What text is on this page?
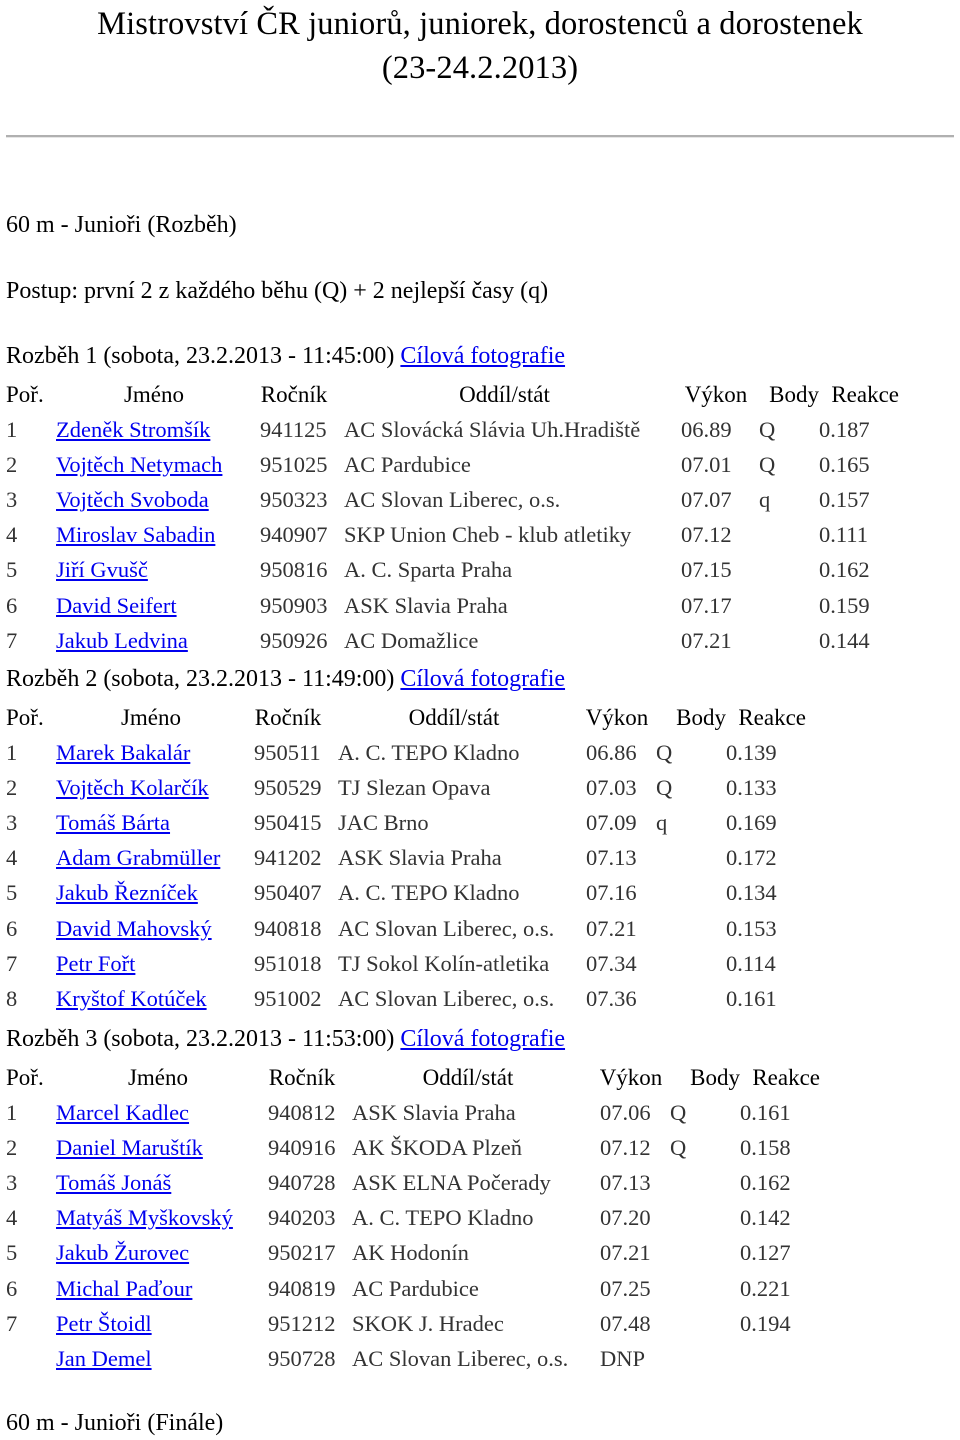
Mistrovství ČR juniorů, juniorek, dorostenců a dorostenek
(23-24.2.2013)
60 m - Junioři (Rozběh)

Postup: první 2 z každého běhu (Q) + 2 nejlepší časy (q)

Rozběh 1 (sobota, 23.2.2013 - 11:45:00) Cílová fotografie

Poř.	Jméno	Ročník	Oddíl/stát	Výkon	Body	Reakce
1	Zdeněk Stromšík	941125	AC Slovácká Slávia Uh.Hradiště	06.89	Q	0.187
2	Vojtěch Netymach	951025	AC Pardubice	07.01	Q	0.165
3	Vojtěch Svoboda	950323	AC Slovan Liberec, o.s.	07.07	q	0.157
4	Miroslav Sabadin	940907	SKP Union Cheb - klub atletiky	07.12		0.111
5	Jiří Gvušč	950816	A. C. Sparta Praha	07.15		0.162
6	David Seifert	950903	ASK Slavia Praha	07.17		0.159
7	Jakub Ledvina	950926	AC Domažlice	07.21		0.144

Rozběh 2 (sobota, 23.2.2013 - 11:49:00) Cílová fotografie

Poř.	Jméno	Ročník	Oddíl/stát	Výkon	Body	Reakce
1	Marek Bakalár	950511	A. C. TEPO Kladno	06.86	Q	0.139
2	Vojtěch Kolarčík	950529	TJ Slezan Opava	07.03	Q	0.133
3	Tomáš Bárta	950415	JAC Brno	07.09	q	0.169
4	Adam Grabmüller	941202	ASK Slavia Praha	07.13		0.172
5	Jakub Řezníček	950407	A. C. TEPO Kladno	07.16		0.134
6	David Mahovský	940818	AC Slovan Liberec, o.s.	07.21		0.153
7	Petr Fořt	951018	TJ Sokol Kolín-atletika	07.34		0.114
8	Kryštof Kotúček	951002	AC Slovan Liberec, o.s.	07.36		0.161

Rozběh 3 (sobota, 23.2.2013 - 11:53:00) Cílová fotografie

Poř.	Jméno	Ročník	Oddíl/stát	Výkon	Body	Reakce
1	Marcel Kadlec	940812	ASK Slavia Praha	07.06	Q	0.161
2	Daniel Maruštík	940916	AK ŠKODA Plzeň	07.12	Q	0.158
3	Tomáš Jonáš	940728	ASK ELNA Počerady	07.13		0.162
4	Matyáš Myškovský	940203	A. C. TEPO Kladno	07.20		0.142
5	Jakub Žurovec	950217	AK Hodonín	07.21		0.127
6	Michal Paďour	940819	AC Pardubice	07.25		0.221
7	Petr Štoidl	951212	SKOK J. Hradec	07.48		0.194
	Jan Demel	950728	AC Slovan Liberec, o.s.	DNP		
60 m - Junioři (Finále)
